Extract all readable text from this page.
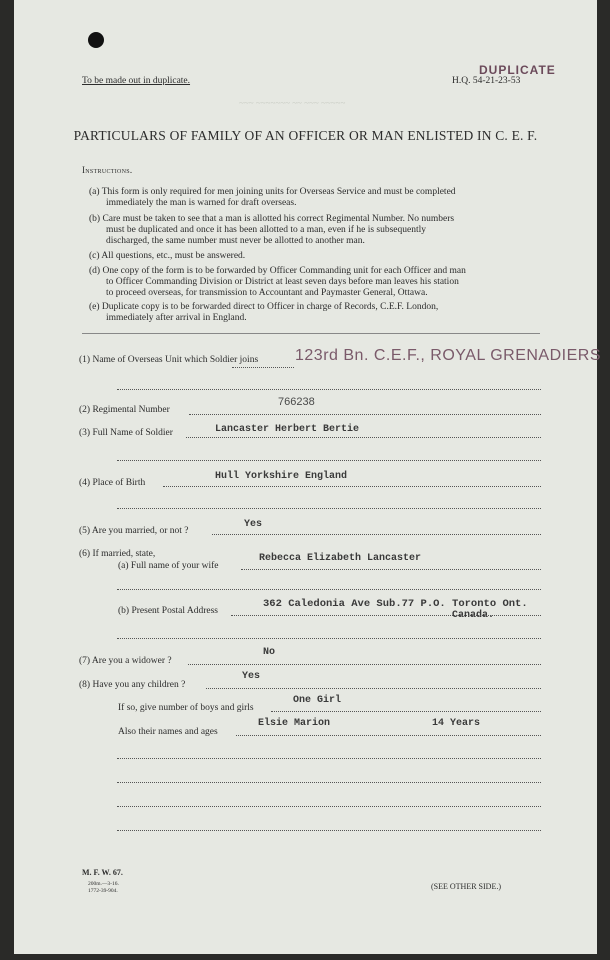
~~~ ~~~~~~~ ~~ ~~~ ~~~~~
To be made out in duplicate.
DUPLICATE
H.Q. 54-21-23-53
PARTICULARS OF FAMILY OF AN OFFICER OR MAN ENLISTED IN C. E. F.
Instructions.
(a) This form is only required for men joining units for Overseas Service and must be completed
immediately the man is warned for draft overseas.
(b) Care must be taken to see that a man is allotted his correct Regimental Number. No numbers
must be duplicated and once it has been allotted to a man, even if he is subsequently
discharged, the same number must never be allotted to another man.
(c) All questions, etc., must be answered.
(d) One copy of the form is to be forwarded by Officer Commanding unit for each Officer and man
to Officer Commanding Division or District at least seven days before man leaves his station
to proceed overseas, for transmission to Accountant and Paymaster General, Ottawa.
(e) Duplicate copy is to be forwarded direct to Officer in charge of Records, C.E.F. London,
immediately after arrival in England.
(1) Name of Overseas Unit which Soldier joins 123rd Bn. C.E.F., ROYAL GRENADIERS
(2) Regimental Number
766238
(3) Full Name of Soldier	Lancaster Herbert Bertie
(4) Place of Birth
Hull Yorkshire England
(5) Are you married, or not ?
Yes
(6) If married, state,
(a) Full name of your wife
Rebecca Elizabeth Lancaster
(b) Present Postal Address
362 Caledonia Ave Sub.77 P.O. Toronto Ont.
Canada.
(7) Are you a widower ?
No
(8) Have you any children ?
Yes
If so, give number of boys and girls
One Girl
Also their names and ages
Elsie Marion	14 Years
M. F. W. 67.
200m.—3-16.
1772-39-904.	(SEE OTHER SIDE.)
